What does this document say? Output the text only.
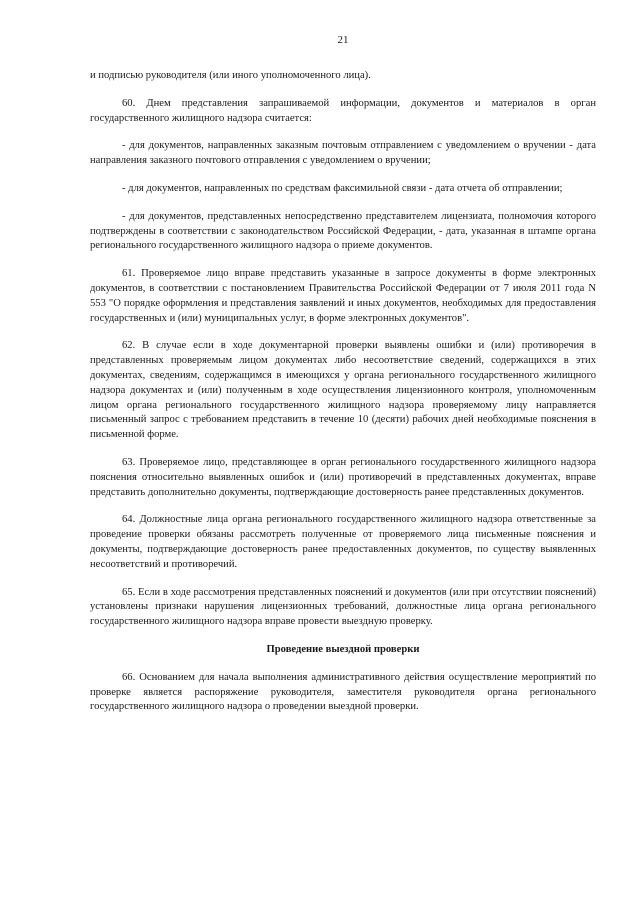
21

и подписью руководителя (или иного уполномоченного лица).

60. Днем представления запрашиваемой информации, документов и материалов в орган государственного жилищного надзора считается:

- для документов, направленных заказным почтовым отправлением с уведомлением о вручении - дата направления заказного почтового отправления с уведомлением о вручении;

- для документов, направленных по средствам факсимильной связи - дата отчета об отправлении;

- для документов, представленных непосредственно представителем лицензиата, полномочия которого подтверждены в соответствии с законодательством Российской Федерации, - дата, указанная в штампе органа регионального государственного жилищного надзора о приеме документов.

61. Проверяемое лицо вправе представить указанные в запросе документы в форме электронных документов, в соответствии с постановлением Правительства Российской Федерации от 7 июля 2011 года N 553 "О порядке оформления и представления заявлений и иных документов, необходимых для предоставления государственных и (или) муниципальных услуг, в форме электронных документов".

62. В случае если в ходе документарной проверки выявлены ошибки и (или) противоречия в представленных проверяемым лицом документах либо несоответствие сведений, содержащихся в этих документах, сведениям, содержащимся в имеющихся у органа регионального государственного жилищного надзора документах и (или) полученным в ходе осуществления лицензионного контроля, уполномоченным лицом органа регионального государственного жилищного надзора проверяемому лицу направляется письменный запрос с требованием представить в течение 10 (десяти) рабочих дней необходимые пояснения в письменной форме.

63. Проверяемое лицо, представляющее в орган регионального государственного жилищного надзора пояснения относительно выявленных ошибок и (или) противоречий в представленных документах, вправе представить дополнительно документы, подтверждающие достоверность ранее представленных документов.

64. Должностные лица органа регионального государственного жилищного надзора ответственные за проведение проверки обязаны рассмотреть полученные от проверяемого лица письменные пояснения и документы, подтверждающие достоверность ранее предоставленных документов, по существу выявленных несоответствий и противоречий.

65. Если в ходе рассмотрения представленных пояснений и документов (или при отсутствии пояснений) установлены признаки нарушения лицензионных требований, должностные лица органа регионального государственного жилищного надзора вправе провести выездную проверку.

Проведение выездной проверки

66. Основанием для начала выполнения административного действия осуществление мероприятий по проверке является распоряжение руководителя, заместителя руководителя органа регионального государственного жилищного надзора о проведении выездной проверки.
